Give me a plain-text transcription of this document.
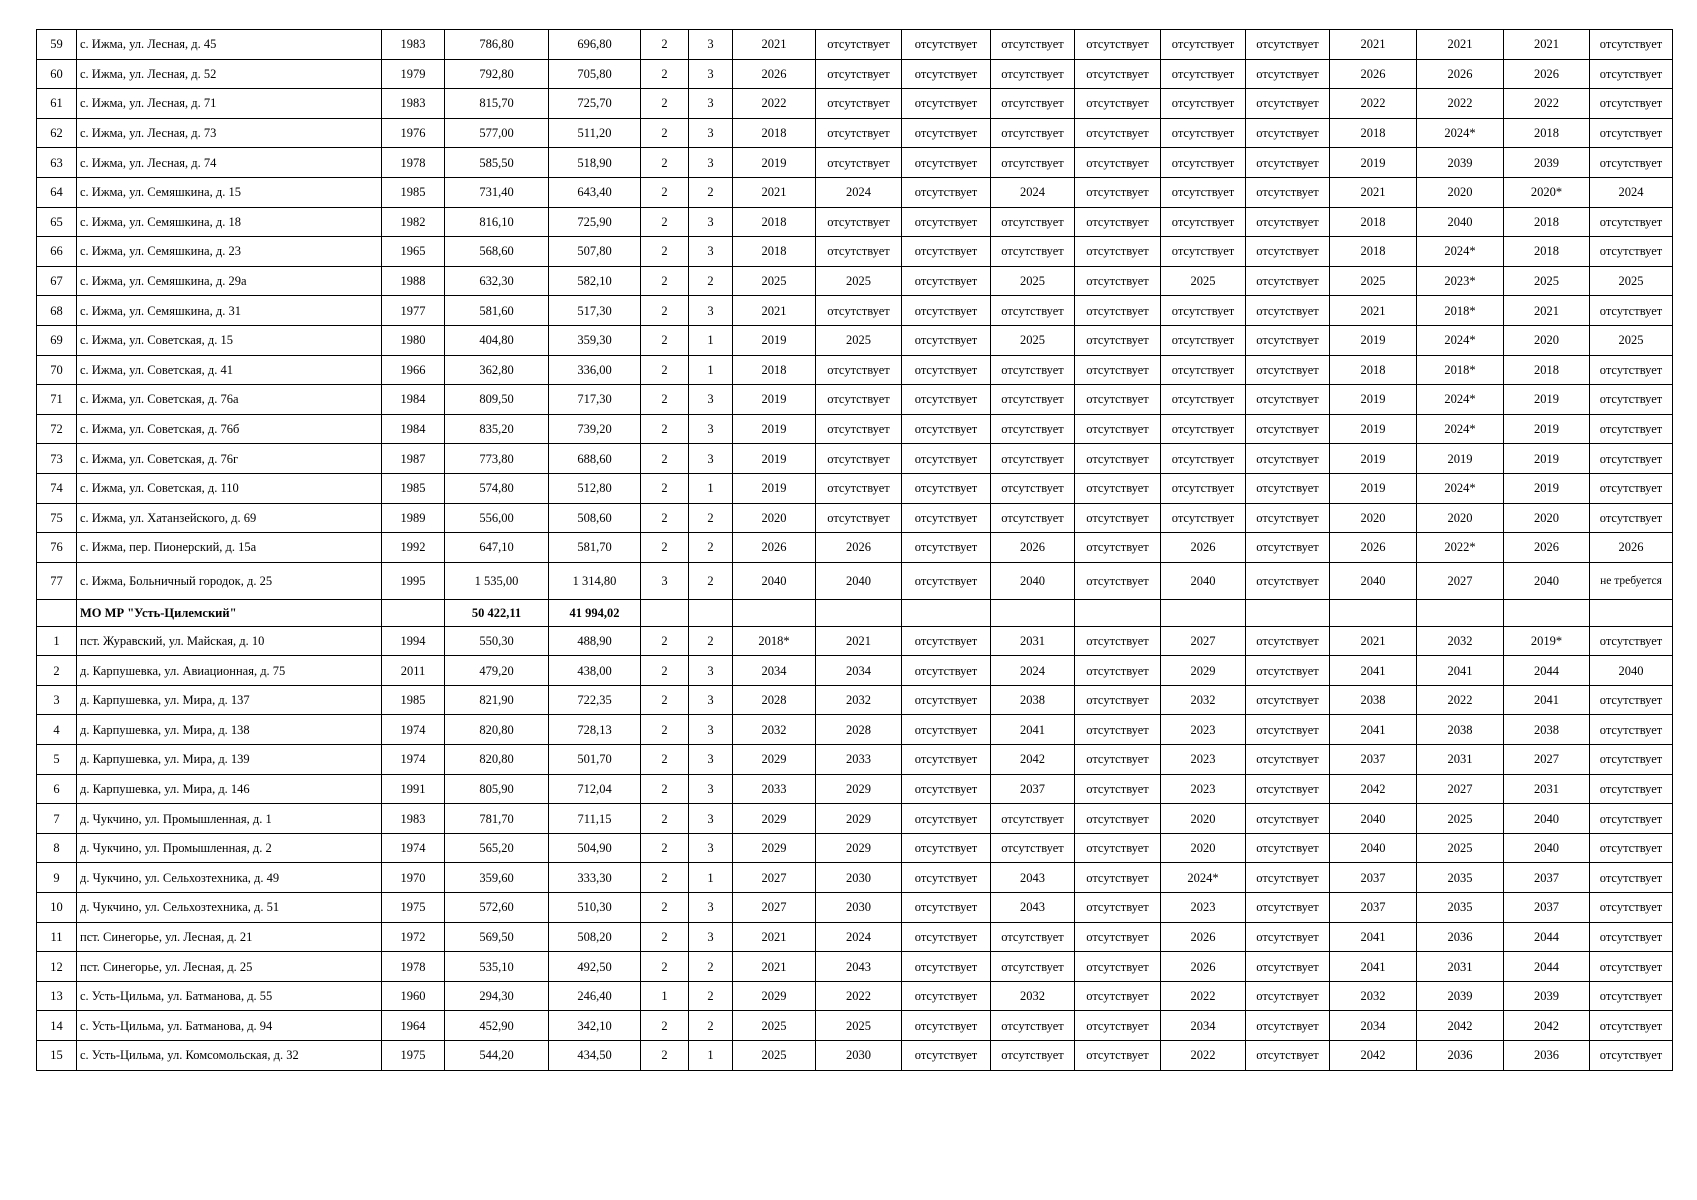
59	с. Ижма, ул. Лесная, д. 45	1983	786,80	696,80	2	3	2021	отсутствует	отсутствует	отсутствует	отсутствует	отсутствует	отсутствует	2021	2021	2021	отсутствует
60	с. Ижма, ул. Лесная, д. 52	1979	792,80	705,80	2	3	2026	отсутствует	отсутствует	отсутствует	отсутствует	отсутствует	отсутствует	2026	2026	2026	отсутствует
61	с. Ижма, ул. Лесная, д. 71	1983	815,70	725,70	2	3	2022	отсутствует	отсутствует	отсутствует	отсутствует	отсутствует	отсутствует	2022	2022	2022	отсутствует
62	с. Ижма, ул. Лесная, д. 73	1976	577,00	511,20	2	3	2018	отсутствует	отсутствует	отсутствует	отсутствует	отсутствует	отсутствует	2018	2024*	2018	отсутствует
63	с. Ижма, ул. Лесная, д. 74	1978	585,50	518,90	2	3	2019	отсутствует	отсутствует	отсутствует	отсутствует	отсутствует	отсутствует	2019	2039	2039	отсутствует
64	с. Ижма, ул. Семяшкина, д. 15	1985	731,40	643,40	2	2	2021	2024	отсутствует	2024	отсутствует	отсутствует	отсутствует	2021	2020	2020*	2024
65	с. Ижма, ул. Семяшкина, д. 18	1982	816,10	725,90	2	3	2018	отсутствует	отсутствует	отсутствует	отсутствует	отсутствует	отсутствует	2018	2040	2018	отсутствует
66	с. Ижма, ул. Семяшкина, д. 23	1965	568,60	507,80	2	3	2018	отсутствует	отсутствует	отсутствует	отсутствует	отсутствует	отсутствует	2018	2024*	2018	отсутствует
67	с. Ижма, ул. Семяшкина, д. 29а	1988	632,30	582,10	2	2	2025	2025	отсутствует	2025	отсутствует	2025	отсутствует	2025	2023*	2025	2025
68	с. Ижма, ул. Семяшкина, д. 31	1977	581,60	517,30	2	3	2021	отсутствует	отсутствует	отсутствует	отсутствует	отсутствует	отсутствует	2021	2018*	2021	отсутствует
69	с. Ижма, ул. Советская, д. 15	1980	404,80	359,30	2	1	2019	2025	отсутствует	2025	отсутствует	отсутствует	отсутствует	2019	2024*	2020	2025
70	с. Ижма, ул. Советская, д. 41	1966	362,80	336,00	2	1	2018	отсутствует	отсутствует	отсутствует	отсутствует	отсутствует	отсутствует	2018	2018*	2018	отсутствует
71	с. Ижма, ул. Советская, д. 76а	1984	809,50	717,30	2	3	2019	отсутствует	отсутствует	отсутствует	отсутствует	отсутствует	отсутствует	2019	2024*	2019	отсутствует
72	с. Ижма, ул. Советская, д. 76б	1984	835,20	739,20	2	3	2019	отсутствует	отсутствует	отсутствует	отсутствует	отсутствует	отсутствует	2019	2024*	2019	отсутствует
73	с. Ижма, ул. Советская, д. 76г	1987	773,80	688,60	2	3	2019	отсутствует	отсутствует	отсутствует	отсутствует	отсутствует	отсутствует	2019	2019	2019	отсутствует
74	с. Ижма, ул. Советская, д. 110	1985	574,80	512,80	2	1	2019	отсутствует	отсутствует	отсутствует	отсутствует	отсутствует	отсутствует	2019	2024*	2019	отсутствует
75	с. Ижма, ул. Хатанзейского, д. 69	1989	556,00	508,60	2	2	2020	отсутствует	отсутствует	отсутствует	отсутствует	отсутствует	отсутствует	2020	2020	2020	отсутствует
76	с. Ижма, пер. Пионерский, д. 15а	1992	647,10	581,70	2	2	2026	2026	отсутствует	2026	отсутствует	2026	отсутствует	2026	2022*	2026	2026
77	с. Ижма, Больничный городок, д. 25	1995	1 535,00	1 314,80	3	2	2040	2040	отсутствует	2040	отсутствует	2040	отсутствует	2040	2027	2040	не требуется
	МО МР "Усть-Цилемский"		50 422,11	41 994,02													
1	пст. Журавский, ул. Майская, д. 10	1994	550,30	488,90	2	2	2018*	2021	отсутствует	2031	отсутствует	2027	отсутствует	2021	2032	2019*	отсутствует
2	д. Карпушевка, ул. Авиационная, д. 75	2011	479,20	438,00	2	3	2034	2034	отсутствует	2024	отсутствует	2029	отсутствует	2041	2041	2044	2040
3	д. Карпушевка, ул. Мира, д. 137	1985	821,90	722,35	2	3	2028	2032	отсутствует	2038	отсутствует	2032	отсутствует	2038	2022	2041	отсутствует
4	д. Карпушевка, ул. Мира, д. 138	1974	820,80	728,13	2	3	2032	2028	отсутствует	2041	отсутствует	2023	отсутствует	2041	2038	2038	отсутствует
5	д. Карпушевка, ул. Мира, д. 139	1974	820,80	501,70	2	3	2029	2033	отсутствует	2042	отсутствует	2023	отсутствует	2037	2031	2027	отсутствует
6	д. Карпушевка, ул. Мира, д. 146	1991	805,90	712,04	2	3	2033	2029	отсутствует	2037	отсутствует	2023	отсутствует	2042	2027	2031	отсутствует
7	д. Чукчино, ул. Промышленная, д. 1	1983	781,70	711,15	2	3	2029	2029	отсутствует	отсутствует	отсутствует	2020	отсутствует	2040	2025	2040	отсутствует
8	д. Чукчино, ул. Промышленная, д. 2	1974	565,20	504,90	2	3	2029	2029	отсутствует	отсутствует	отсутствует	2020	отсутствует	2040	2025	2040	отсутствует
9	д. Чукчино, ул. Сельхозтехника, д. 49	1970	359,60	333,30	2	1	2027	2030	отсутствует	2043	отсутствует	2024*	отсутствует	2037	2035	2037	отсутствует
10	д. Чукчино, ул. Сельхозтехника, д. 51	1975	572,60	510,30	2	3	2027	2030	отсутствует	2043	отсутствует	2023	отсутствует	2037	2035	2037	отсутствует
11	пст. Синегорье, ул. Лесная, д. 21	1972	569,50	508,20	2	3	2021	2024	отсутствует	отсутствует	отсутствует	2026	отсутствует	2041	2036	2044	отсутствует
12	пст. Синегорье, ул. Лесная, д. 25	1978	535,10	492,50	2	2	2021	2043	отсутствует	отсутствует	отсутствует	2026	отсутствует	2041	2031	2044	отсутствует
13	с. Усть-Цильма, ул. Батманова, д. 55	1960	294,30	246,40	1	2	2029	2022	отсутствует	2032	отсутствует	2022	отсутствует	2032	2039	2039	отсутствует
14	с. Усть-Цильма, ул. Батманова, д. 94	1964	452,90	342,10	2	2	2025	2025	отсутствует	отсутствует	отсутствует	2034	отсутствует	2034	2042	2042	отсутствует
15	с. Усть-Цильма, ул. Комсомольская, д. 32	1975	544,20	434,50	2	1	2025	2030	отсутствует	отсутствует	отсутствует	2022	отсутствует	2042	2036	2036	отсутствует
